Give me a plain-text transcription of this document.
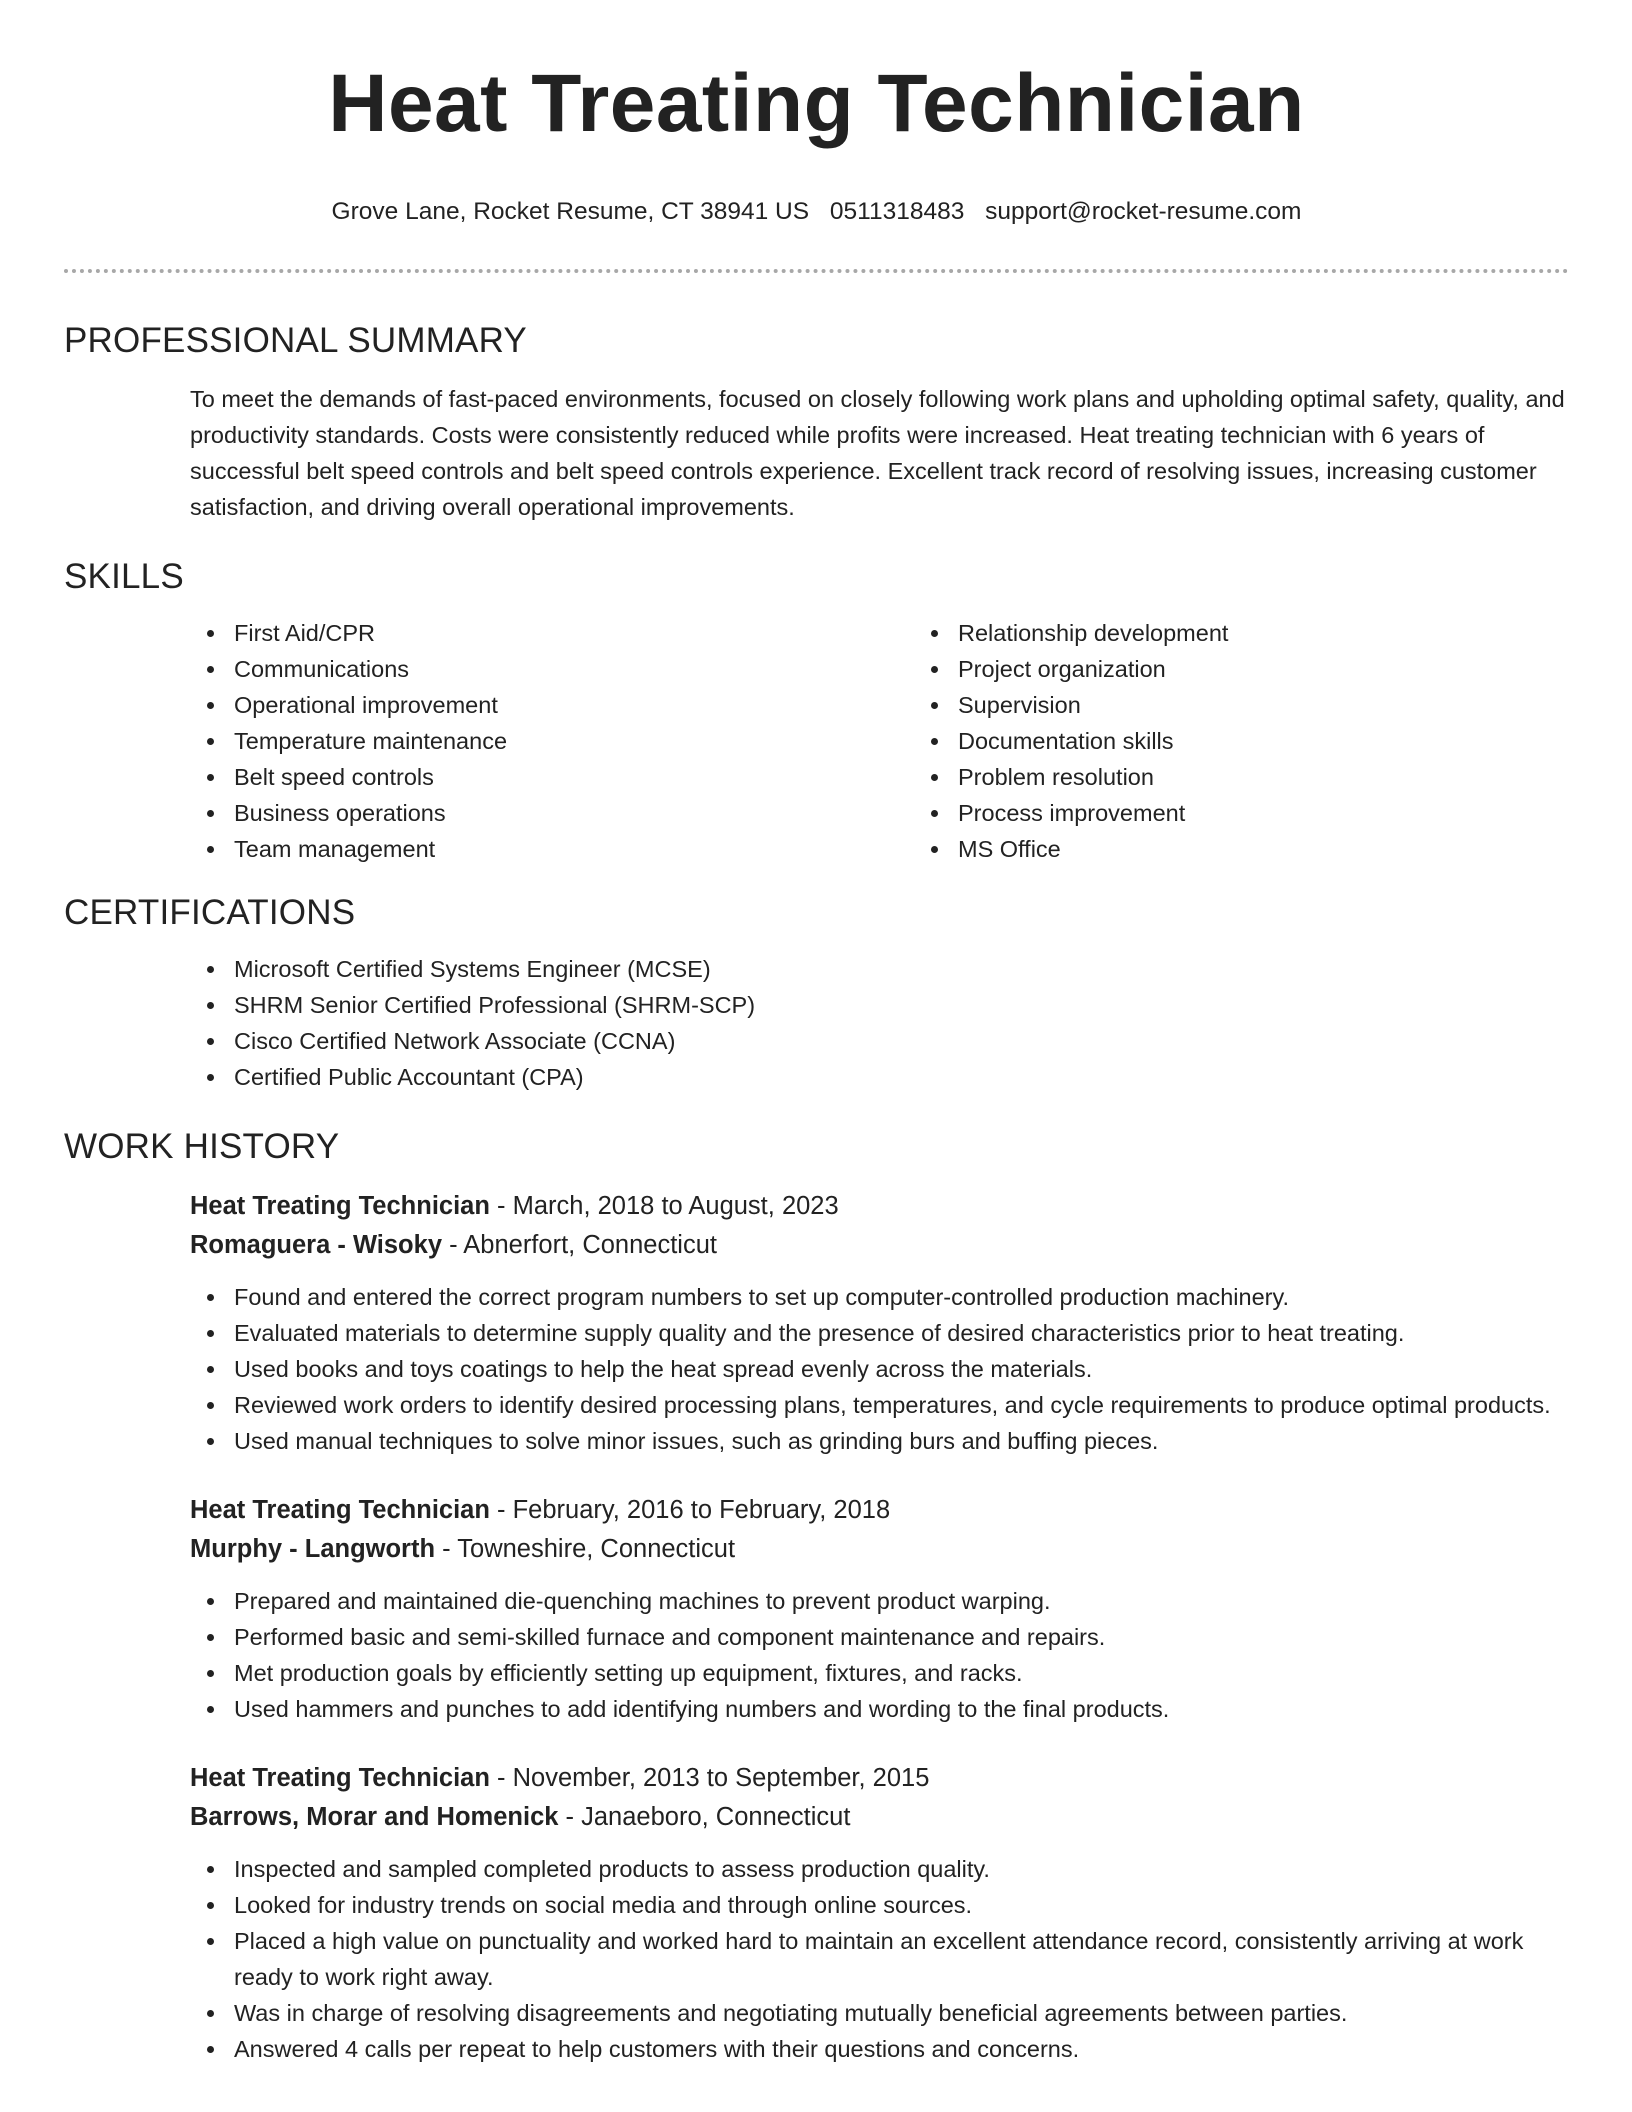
Heat Treating Technician
Grove Lane, Rocket Resume, CT 38941 US 0511318483 support@rocket-resume.com
PROFESSIONAL SUMMARY

To meet the demands of fast-paced environments, focused on closely following work plans and upholding optimal safety, quality, and productivity standards. Costs were consistently reduced while profits were increased. Heat treating technician with 6 years of successful belt speed controls and belt speed controls experience. Excellent track record of resolving issues, increasing customer satisfaction, and driving overall operational improvements.

SKILLS
First Aid/CPR
Communications
Operational improvement
Temperature maintenance
Belt speed controls
Business operations
Team management
Relationship development
Project organization
Supervision
Documentation skills
Problem resolution
Process improvement
MS Office
CERTIFICATIONS
Microsoft Certified Systems Engineer (MCSE)
SHRM Senior Certified Professional (SHRM-SCP)
Cisco Certified Network Associate (CCNA)
Certified Public Accountant (CPA)
WORK HISTORY
Heat Treating Technician - March, 2018 to August, 2023
Romaguera - Wisoky - Abnerfort, Connecticut
Found and entered the correct program numbers to set up computer-controlled production machinery.
Evaluated materials to determine supply quality and the presence of desired characteristics prior to heat treating.
Used books and toys coatings to help the heat spread evenly across the materials.
Reviewed work orders to identify desired processing plans, temperatures, and cycle requirements to produce optimal products.
Used manual techniques to solve minor issues, such as grinding burs and buffing pieces.
Heat Treating Technician - February, 2016 to February, 2018
Murphy - Langworth - Towneshire, Connecticut
Prepared and maintained die-quenching machines to prevent product warping.
Performed basic and semi-skilled furnace and component maintenance and repairs.
Met production goals by efficiently setting up equipment, fixtures, and racks.
Used hammers and punches to add identifying numbers and wording to the final products.
Heat Treating Technician - November, 2013 to September, 2015
Barrows, Morar and Homenick - Janaeboro, Connecticut
Inspected and sampled completed products to assess production quality.
Looked for industry trends on social media and through online sources.
Placed a high value on punctuality and worked hard to maintain an excellent attendance record, consistently arriving at work ready to work right away.
Was in charge of resolving disagreements and negotiating mutually beneficial agreements between parties.
Answered 4 calls per repeat to help customers with their questions and concerns.
